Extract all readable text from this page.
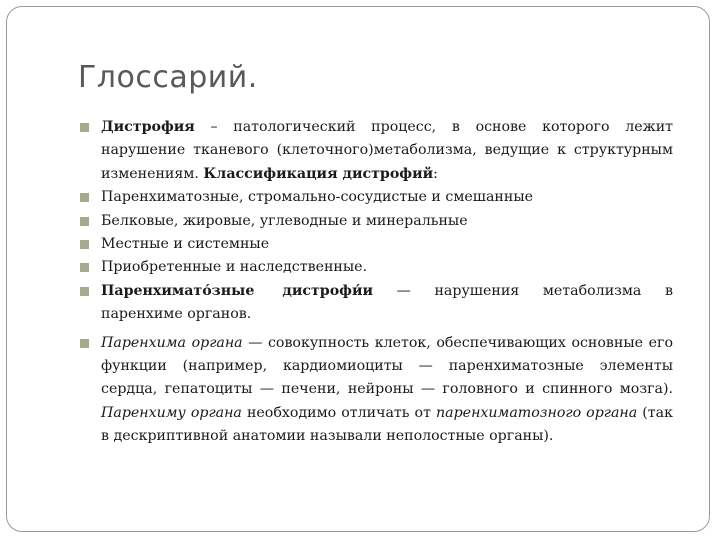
Глоссарий.

Дистрофия – патологический процесс, в основе которого лежит нарушение тканевого (клеточного)метаболизма, ведущие к структурным изменениям. Классификация дистрофий:

Паренхиматозные, стромально-сосудистые и смешанные

Белковые, жировые, углеводные и минеральные

Местные и системные

Приобретенные и наследственные.

Паренхимато́зные дистрофи́и — нарушения метаболизма в паренхиме органов.

Паренхима органа — совокупность клеток, обеспечивающих основные его функции (например, кардиомиоциты — паренхиматозные элементы сердца, гепатоциты — печени, нейроны — головного и спинного мозга). Паренхиму органа необходимо отличать от паренхиматозного органа (так в дескриптивной анатомии называли неполостные органы).
